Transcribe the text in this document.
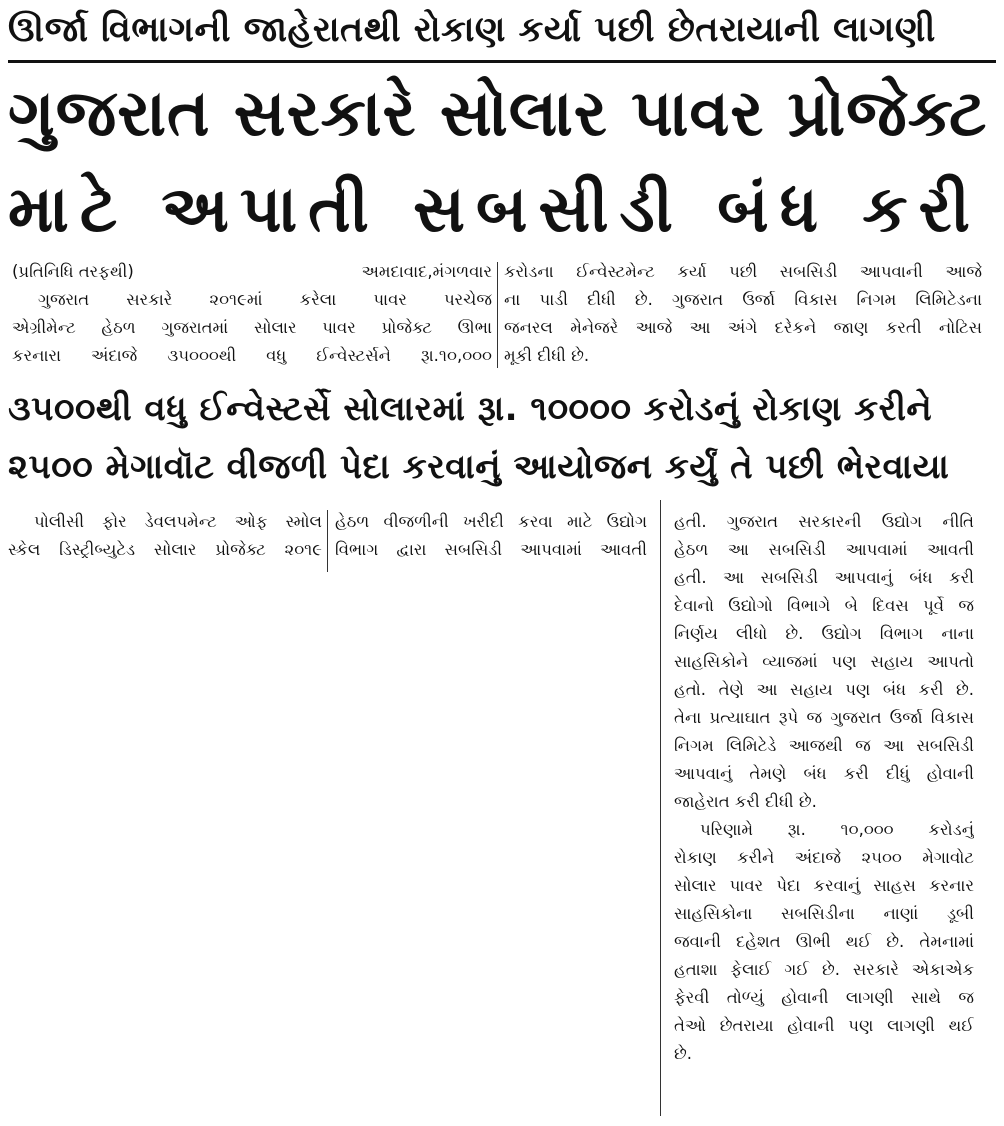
ઊર્જા વિભાગની જાહેરાતથી રોકાણ કર્યા પછી છેતરાયાની લાગણી
ગુજરાત સરકારે સોલાર પાવર પ્રોજેક્ટ
માટે અપાતી સબસીડી બંધ કરી
(પ્રતિનિધિ તરફથી)	અમદાવાદ,મંગળવાર

ગુજરાત સરકારે ૨૦૧૯માં કરેલા પાવર પરચેજ

એગ્રીમેન્ટ હેઠળ ગુજરાતમાં સોલાર પાવર પ્રોજેક્ટ ઊભા

કરનારા અંદાજે ૩૫૦૦૦થી વધુ ઈન્વેસ્ટર્સને રૂા.૧૦,૦૦૦

કરોડના ઈન્વેસ્ટમેન્ટ કર્યા પછી સબસિડી આપવાની આજે

ના પાડી દીધી છે. ગુજરાત ઉર્જા વિકાસ નિગમ લિમિટેડના

જનરલ મેનેજરે આજે આ અંગે દરેકને જાણ કરતી નોટિસ

મૂકી દીધી છે.

૩૫૦૦થી વધુ ઈન્વેસ્ટર્સે સોલારમાં રૂા. ૧૦૦૦૦ કરોડનું રોકાણ કરીને
૨૫૦૦ મેગાવૉટ વીજળી પેદા કરવાનું આયોજન કર્યું તે પછી ભેરવાયા

પોલીસી ફોર ડેવલપમેન્ટ ઓફ સ્મોલ

સ્કેલ ડિસ્ટ્રીબ્યુટેડ સોલાર પ્રોજેક્ટ ૨૦૧૯

હેઠળ વીજળીની ખરીદી કરવા માટે ઉદ્યોગ

વિભાગ દ્વારા સબસિડી આપવામાં આવતી

હતી. ગુજરાત સરકારની ઉદ્યોગ નીતિ

હેઠળ આ સબસિડી આપવામાં આવતી

હતી. આ સબસિડી આપવાનું બંધ કરી

દેવાનો ઉદ્યોગો વિભાગે બે દિવસ પૂર્વે જ

નિર્ણય લીધો છે. ઉદ્યોગ વિભાગ નાના

સાહસિકોને વ્યાજમાં પણ સહાય આપતો

હતો. તેણે આ સહાય પણ બંધ કરી છે.

તેના પ્રત્યાઘાત રૂપે જ ગુજરાત ઉર્જા વિકાસ

નિગમ લિમિટેડે આજથી જ આ સબસિડી

આપવાનું તેમણે બંધ કરી દીધું હોવાની

જાહેરાત કરી દીધી છે.

પરિણામે રૂા. ૧૦,૦૦૦ કરોડનું

રોકાણ કરીને અંદાજે ૨૫૦૦ મેગાવોટ

સોલાર પાવર પેદા કરવાનું સાહસ કરનાર

સાહસિકોના સબસિડીના નાણાં ડૂબી

જવાની દહેશત ઊભી થઈ છે. તેમનામાં

હતાશા ફેલાઈ ગઈ છે. સરકારે એકાએક

ફેરવી તોળ્યું હોવાની લાગણી સાથે જ

તેઓ છેતરાયા હોવાની પણ લાગણી થઈ

છે.
